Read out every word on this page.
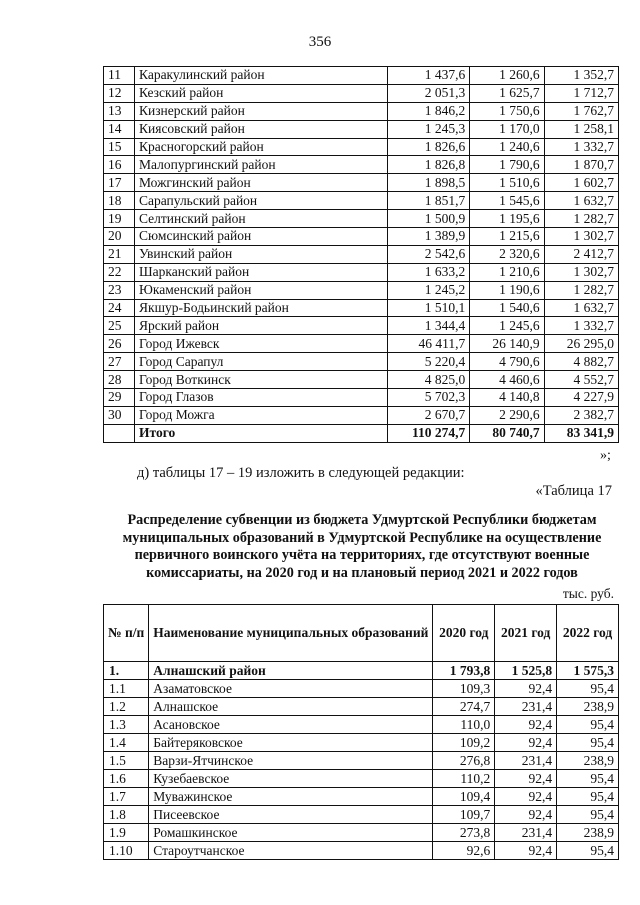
356
11	Каракулинский район	1 437,6	1 260,6	1 352,7
12	Кезский район	2 051,3	1 625,7	1 712,7
13	Кизнерский район	1 846,2	1 750,6	1 762,7
14	Киясовский район	1 245,3	1 170,0	1 258,1
15	Красногорский район	1 826,6	1 240,6	1 332,7
16	Малопургинский район	1 826,8	1 790,6	1 870,7
17	Можгинский район	1 898,5	1 510,6	1 602,7
18	Сарапульский район	1 851,7	1 545,6	1 632,7
19	Селтинский район	1 500,9	1 195,6	1 282,7
20	Сюмсинский район	1 389,9	1 215,6	1 302,7
21	Увинский район	2 542,6	2 320,6	2 412,7
22	Шарканский район	1 633,2	1 210,6	1 302,7
23	Юкаменский район	1 245,2	1 190,6	1 282,7
24	Якшур-Бодьинский район	1 510,1	1 540,6	1 632,7
25	Ярский район	1 344,4	1 245,6	1 332,7
26	Город Ижевск	46 411,7	26 140,9	26 295,0
27	Город Сарапул	5 220,4	4 790,6	4 882,7
28	Город Воткинск	4 825,0	4 460,6	4 552,7
29	Город Глазов	5 702,3	4 140,8	4 227,9
30	Город Можга	2 670,7	2 290,6	2 382,7
	Итого	110 274,7	80 740,7	83 341,9
»;
д) таблицы 17 – 19 изложить в следующей редакции:
«Таблица 17
Распределение субвенции из бюджета Удмуртской Республики бюджетам муниципальных образований в Удмуртской Республике на осуществление первичного воинского учёта на территориях, где отсутствуют военные комиссариаты, на 2020 год и на плановый период 2021 и 2022 годов
тыс. руб.
№ п/п	Наименование муниципальных образований	2020 год	2021 год	2022 год
1.	Алнашский район	1 793,8	1 525,8	1 575,3
1.1	Азаматовское	109,3	92,4	95,4
1.2	Алнашское	274,7	231,4	238,9
1.3	Асановское	110,0	92,4	95,4
1.4	Байтеряковское	109,2	92,4	95,4
1.5	Варзи-Ятчинское	276,8	231,4	238,9
1.6	Кузебаевское	110,2	92,4	95,4
1.7	Муважинское	109,4	92,4	95,4
1.8	Писеевское	109,7	92,4	95,4
1.9	Ромашкинское	273,8	231,4	238,9
1.10	Староутчанское	92,6	92,4	95,4
